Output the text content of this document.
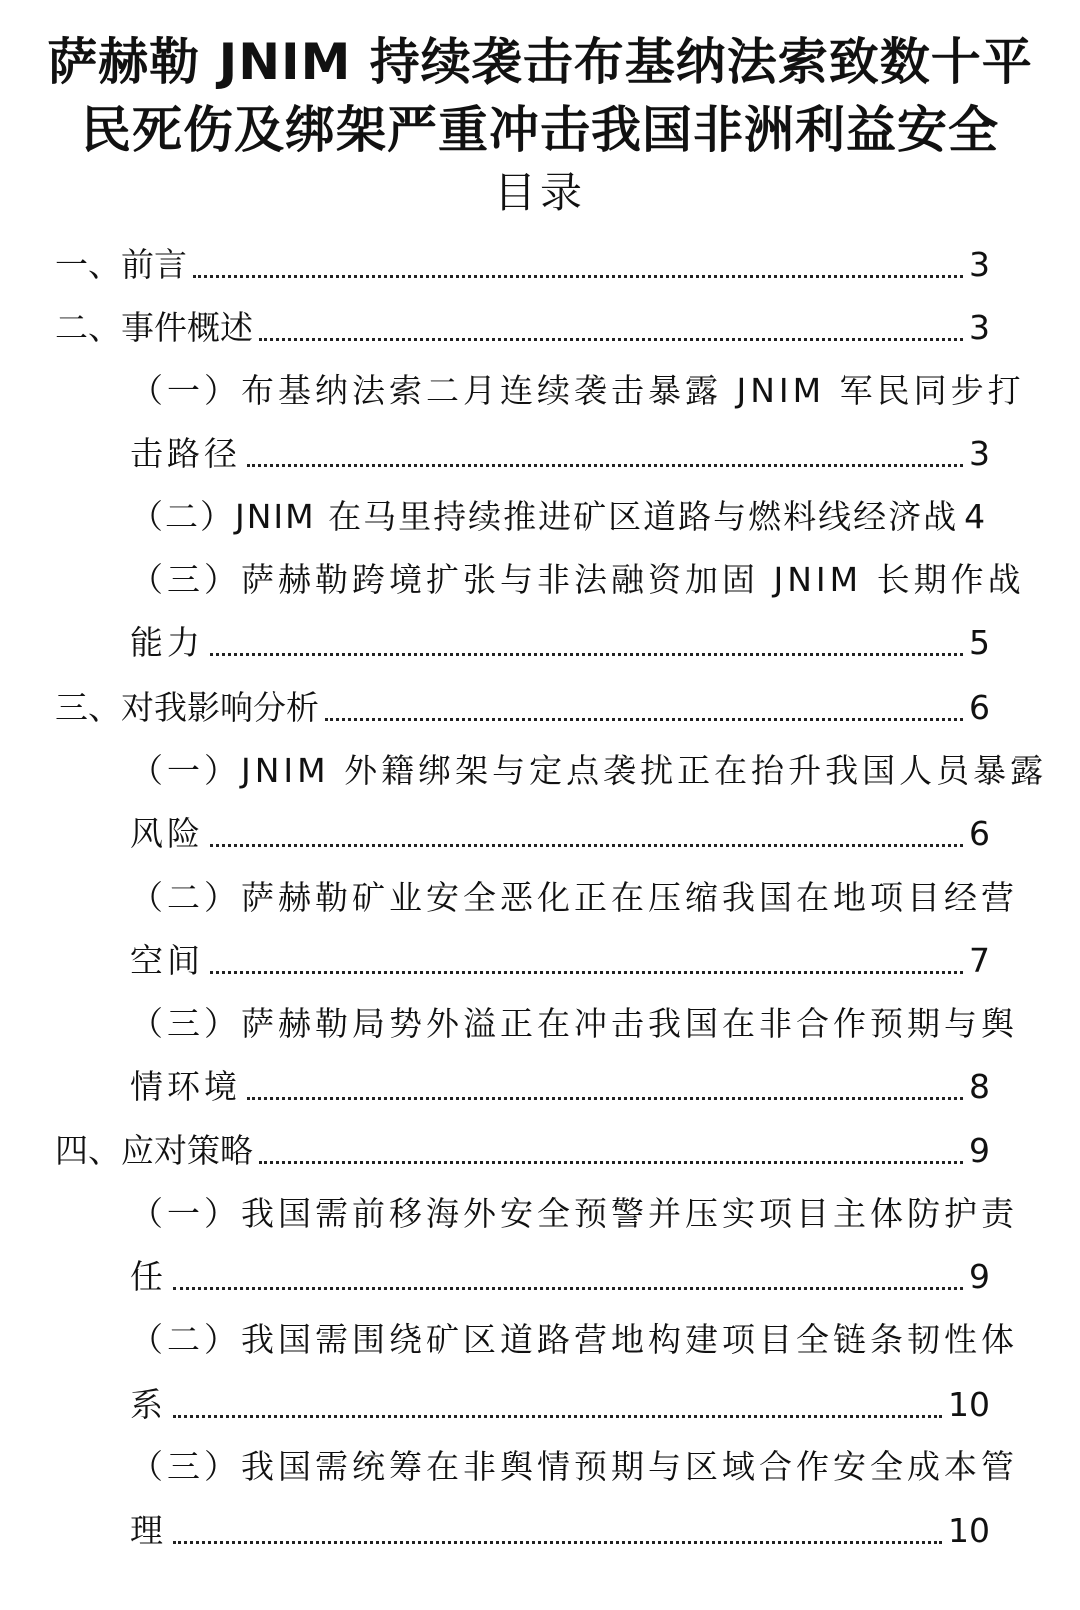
萨赫勒 JNIM 持续袭击布基纳法索致数十平
民死伤及绑架严重冲击我国非洲利益安全
目录
一、前言	3
二、事件概述	3
（一）布基纳法索二月连续袭击暴露 JNIM 军民同步打
击路径	3
（二）JNIM 在马里持续推进矿区道路与燃料线经济战 4
（三）萨赫勒跨境扩张与非法融资加固 JNIM 长期作战
能力	5
三、对我影响分析	6
（一）JNIM 外籍绑架与定点袭扰正在抬升我国人员暴露
风险	6
（二）萨赫勒矿业安全恶化正在压缩我国在地项目经营
空间	7
（三）萨赫勒局势外溢正在冲击我国在非合作预期与舆
情环境	8
四、应对策略	9
（一）我国需前移海外安全预警并压实项目主体防护责
任	9
（二）我国需围绕矿区道路营地构建项目全链条韧性体
系	10
（三）我国需统筹在非舆情预期与区域合作安全成本管
理	10
